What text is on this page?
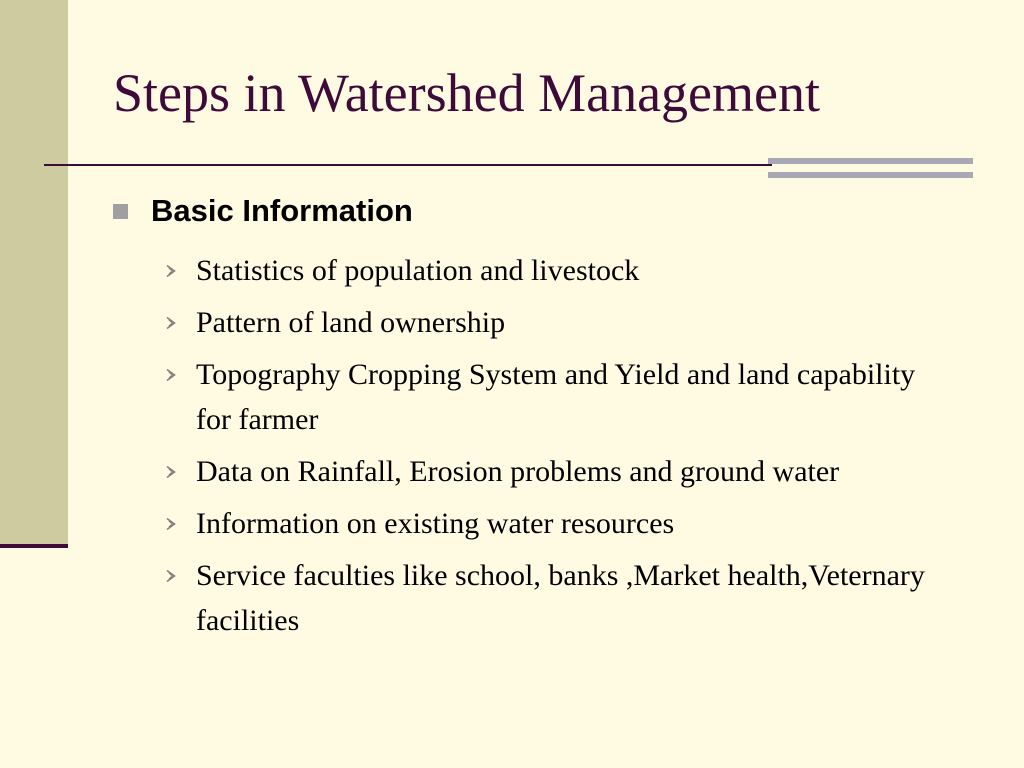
Steps in Watershed Management
Basic Information
Statistics of population and livestock
Pattern of land ownership
Topography Cropping System and Yield and land capability for farmer
Data on Rainfall, Erosion problems and ground water
Information on existing water resources
Service faculties like school, banks ,Market health,Veternary facilities
